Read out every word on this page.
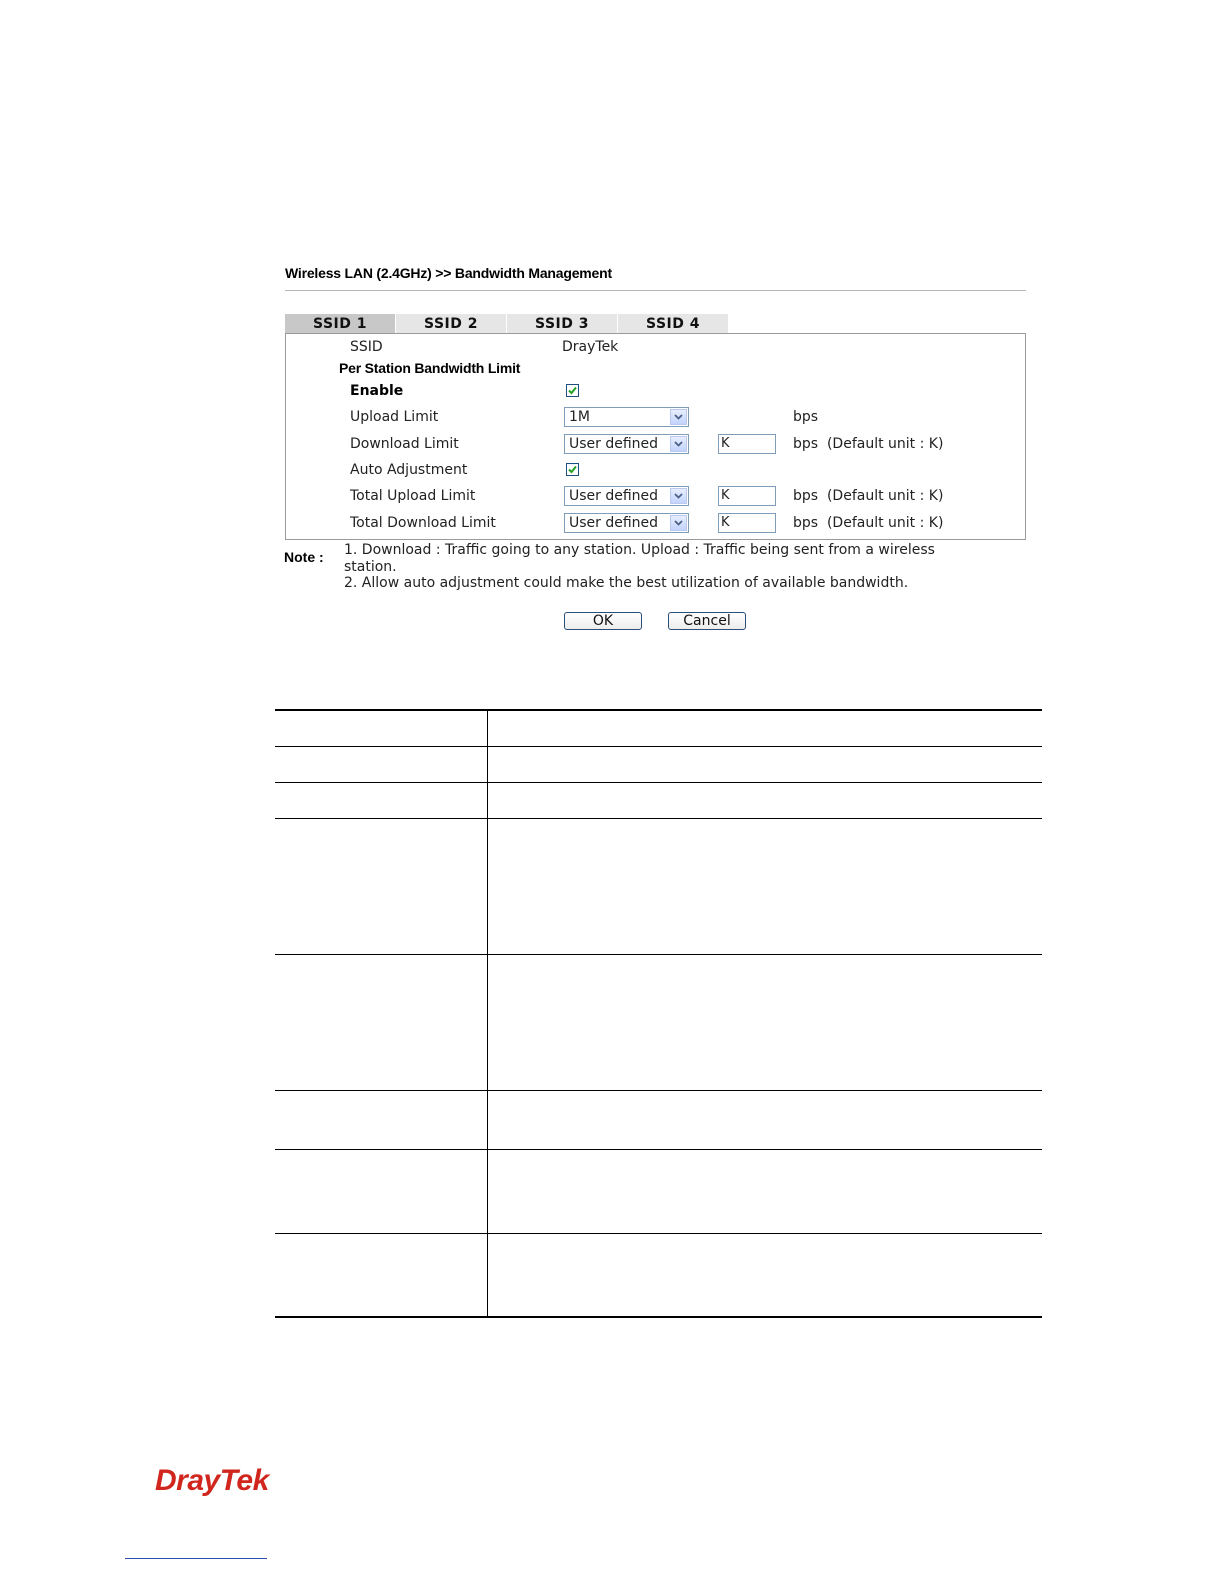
Wireless LAN (2.4GHz) >> Bandwidth Management
SSID 1	SSID 2	SSID 3	SSID 4
SSID	DrayTek
Per Station Bandwidth Limit
Enable
Upload Limit	1M	bps
Download Limit	User defined	K	bps  (Default unit : K)
Auto Adjustment
Total Upload Limit	User defined	K	bps  (Default unit : K)
Total Download Limit	User defined	K	bps  (Default unit : K)
Note : 1. Download : Traffic going to any station. Upload : Traffic being sent from a wireless station.
2. Allow auto adjustment could make the best utilization of available bandwidth.
OK	Cancel
DrayTek
